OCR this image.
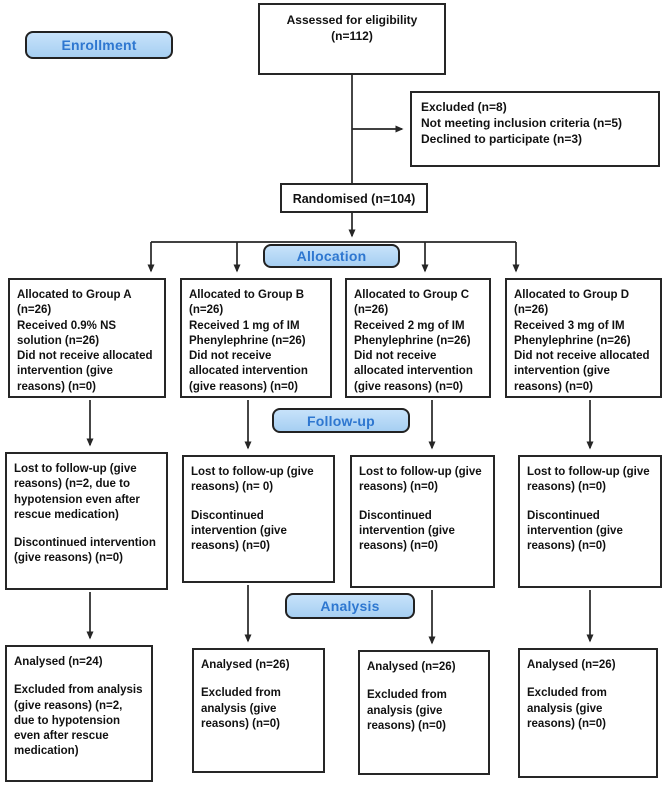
Assessed for eligibility
(n=112)
Enrollment
Excluded (n=8)
Not meeting inclusion criteria (n=5)
Declined to participate (n=3)
Randomised (n=104)
Allocation
Allocated to Group A (n=26)
Received 0.9% NS solution (n=26)
Did not receive allocated intervention (give reasons) (n=0)
Allocated to Group B (n=26)
Received 1 mg of IM Phenylephrine (n=26)
Did not receive allocated intervention (give reasons) (n=0)
Allocated to Group C (n=26)
Received 2 mg of IM Phenylephrine (n=26)
Did not receive allocated intervention (give reasons) (n=0)
Allocated to Group D (n=26)
Received 3 mg of IM Phenylephrine (n=26)
Did not receive allocated intervention (give reasons) (n=0)
Follow-up
Lost to follow-up (give reasons) (n=2, due to hypotension even after rescue medication)
Discontinued intervention (give reasons) (n=0)
Lost to follow-up (give reasons) (n= 0)
Discontinued intervention (give reasons) (n=0)
Lost to follow-up (give reasons) (n=0)
Discontinued intervention (give reasons) (n=0)
Lost to follow-up (give reasons) (n=0)
Discontinued intervention (give reasons) (n=0)
Analysis
Analysed (n=24)
Excluded from analysis (give reasons) (n=2, due to hypotension even after rescue medication)
Analysed (n=26)
Excluded from analysis (give reasons) (n=0)
Analysed (n=26)
Excluded from analysis (give reasons) (n=0)
Analysed (n=26)
Excluded from analysis (give reasons) (n=0)
